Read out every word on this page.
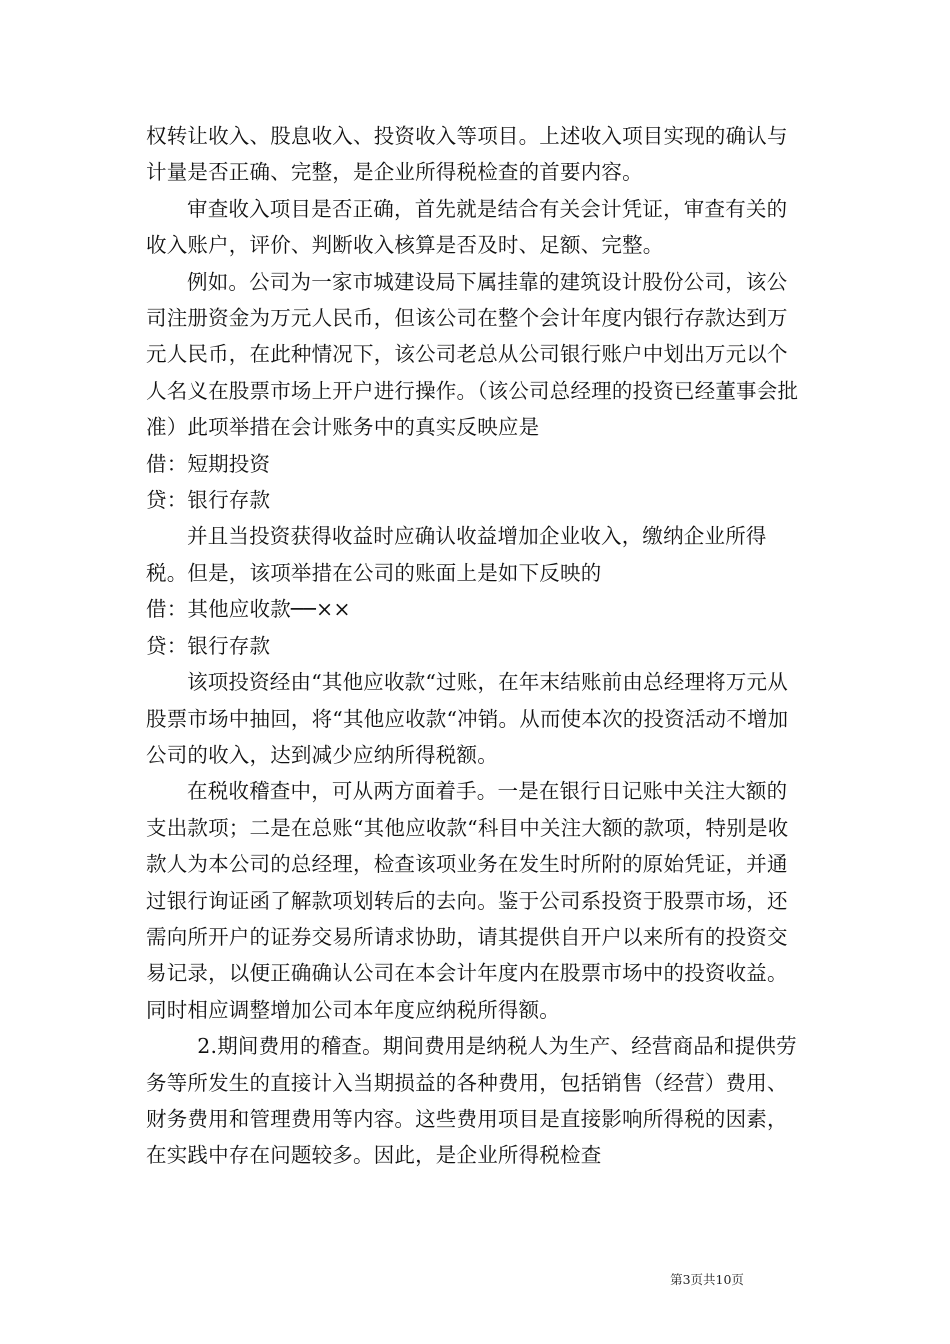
权转让收入、股息收入、投资收入等项目。上述收入项目实现的确认与计量是否正确、完整，是企业所得税检查的首要内容。

审查收入项目是否正确，首先就是结合有关会计凭证，审查有关的收入账户，评价、判断收入核算是否及时、足额、完整。

例如。公司为一家市城建设局下属挂靠的建筑设计股份公司，该公司注册资金为万元人民币，但该公司在整个会计年度内银行存款达到万元人民币，在此种情况下，该公司老总从公司银行账户中划出万元以个人名义在股票市场上开户进行操作。（该公司总经理的投资已经董事会批准）此项举措在会计账务中的真实反映应是

借：短期投资

贷：银行存款

并且当投资获得收益时应确认收益增加企业收入，缴纳企业所得税。但是，该项举措在公司的账面上是如下反映的

借：其他应收款──××

贷：银行存款

该项投资经由“其他应收款“过账，在年末结账前由总经理将万元从股票市场中抽回，将“其他应收款“冲销。从而使本次的投资活动不增加公司的收入，达到减少应纳所得税额。

在税收稽查中，可从两方面着手。一是在银行日记账中关注大额的支出款项；二是在总账“其他应收款“科目中关注大额的款项，特别是收款人为本公司的总经理，检查该项业务在发生时所附的原始凭证，并通过银行询证函了解款项划转后的去向。鉴于公司系投资于股票市场，还需向所开户的证券交易所请求协助，请其提供自开户以来所有的投资交易记录，以便正确确认公司在本会计年度内在股票市场中的投资收益。同时相应调整增加公司本年度应纳税所得额。

2.期间费用的稽查。期间费用是纳税人为生产、经营商品和提供劳务等所发生的直接计入当期损益的各种费用，包括销售（经营）费用、财务费用和管理费用等内容。这些费用项目是直接影响所得税的因素，在实践中存在问题较多。因此，是企业所得税检查

第3页共10页
